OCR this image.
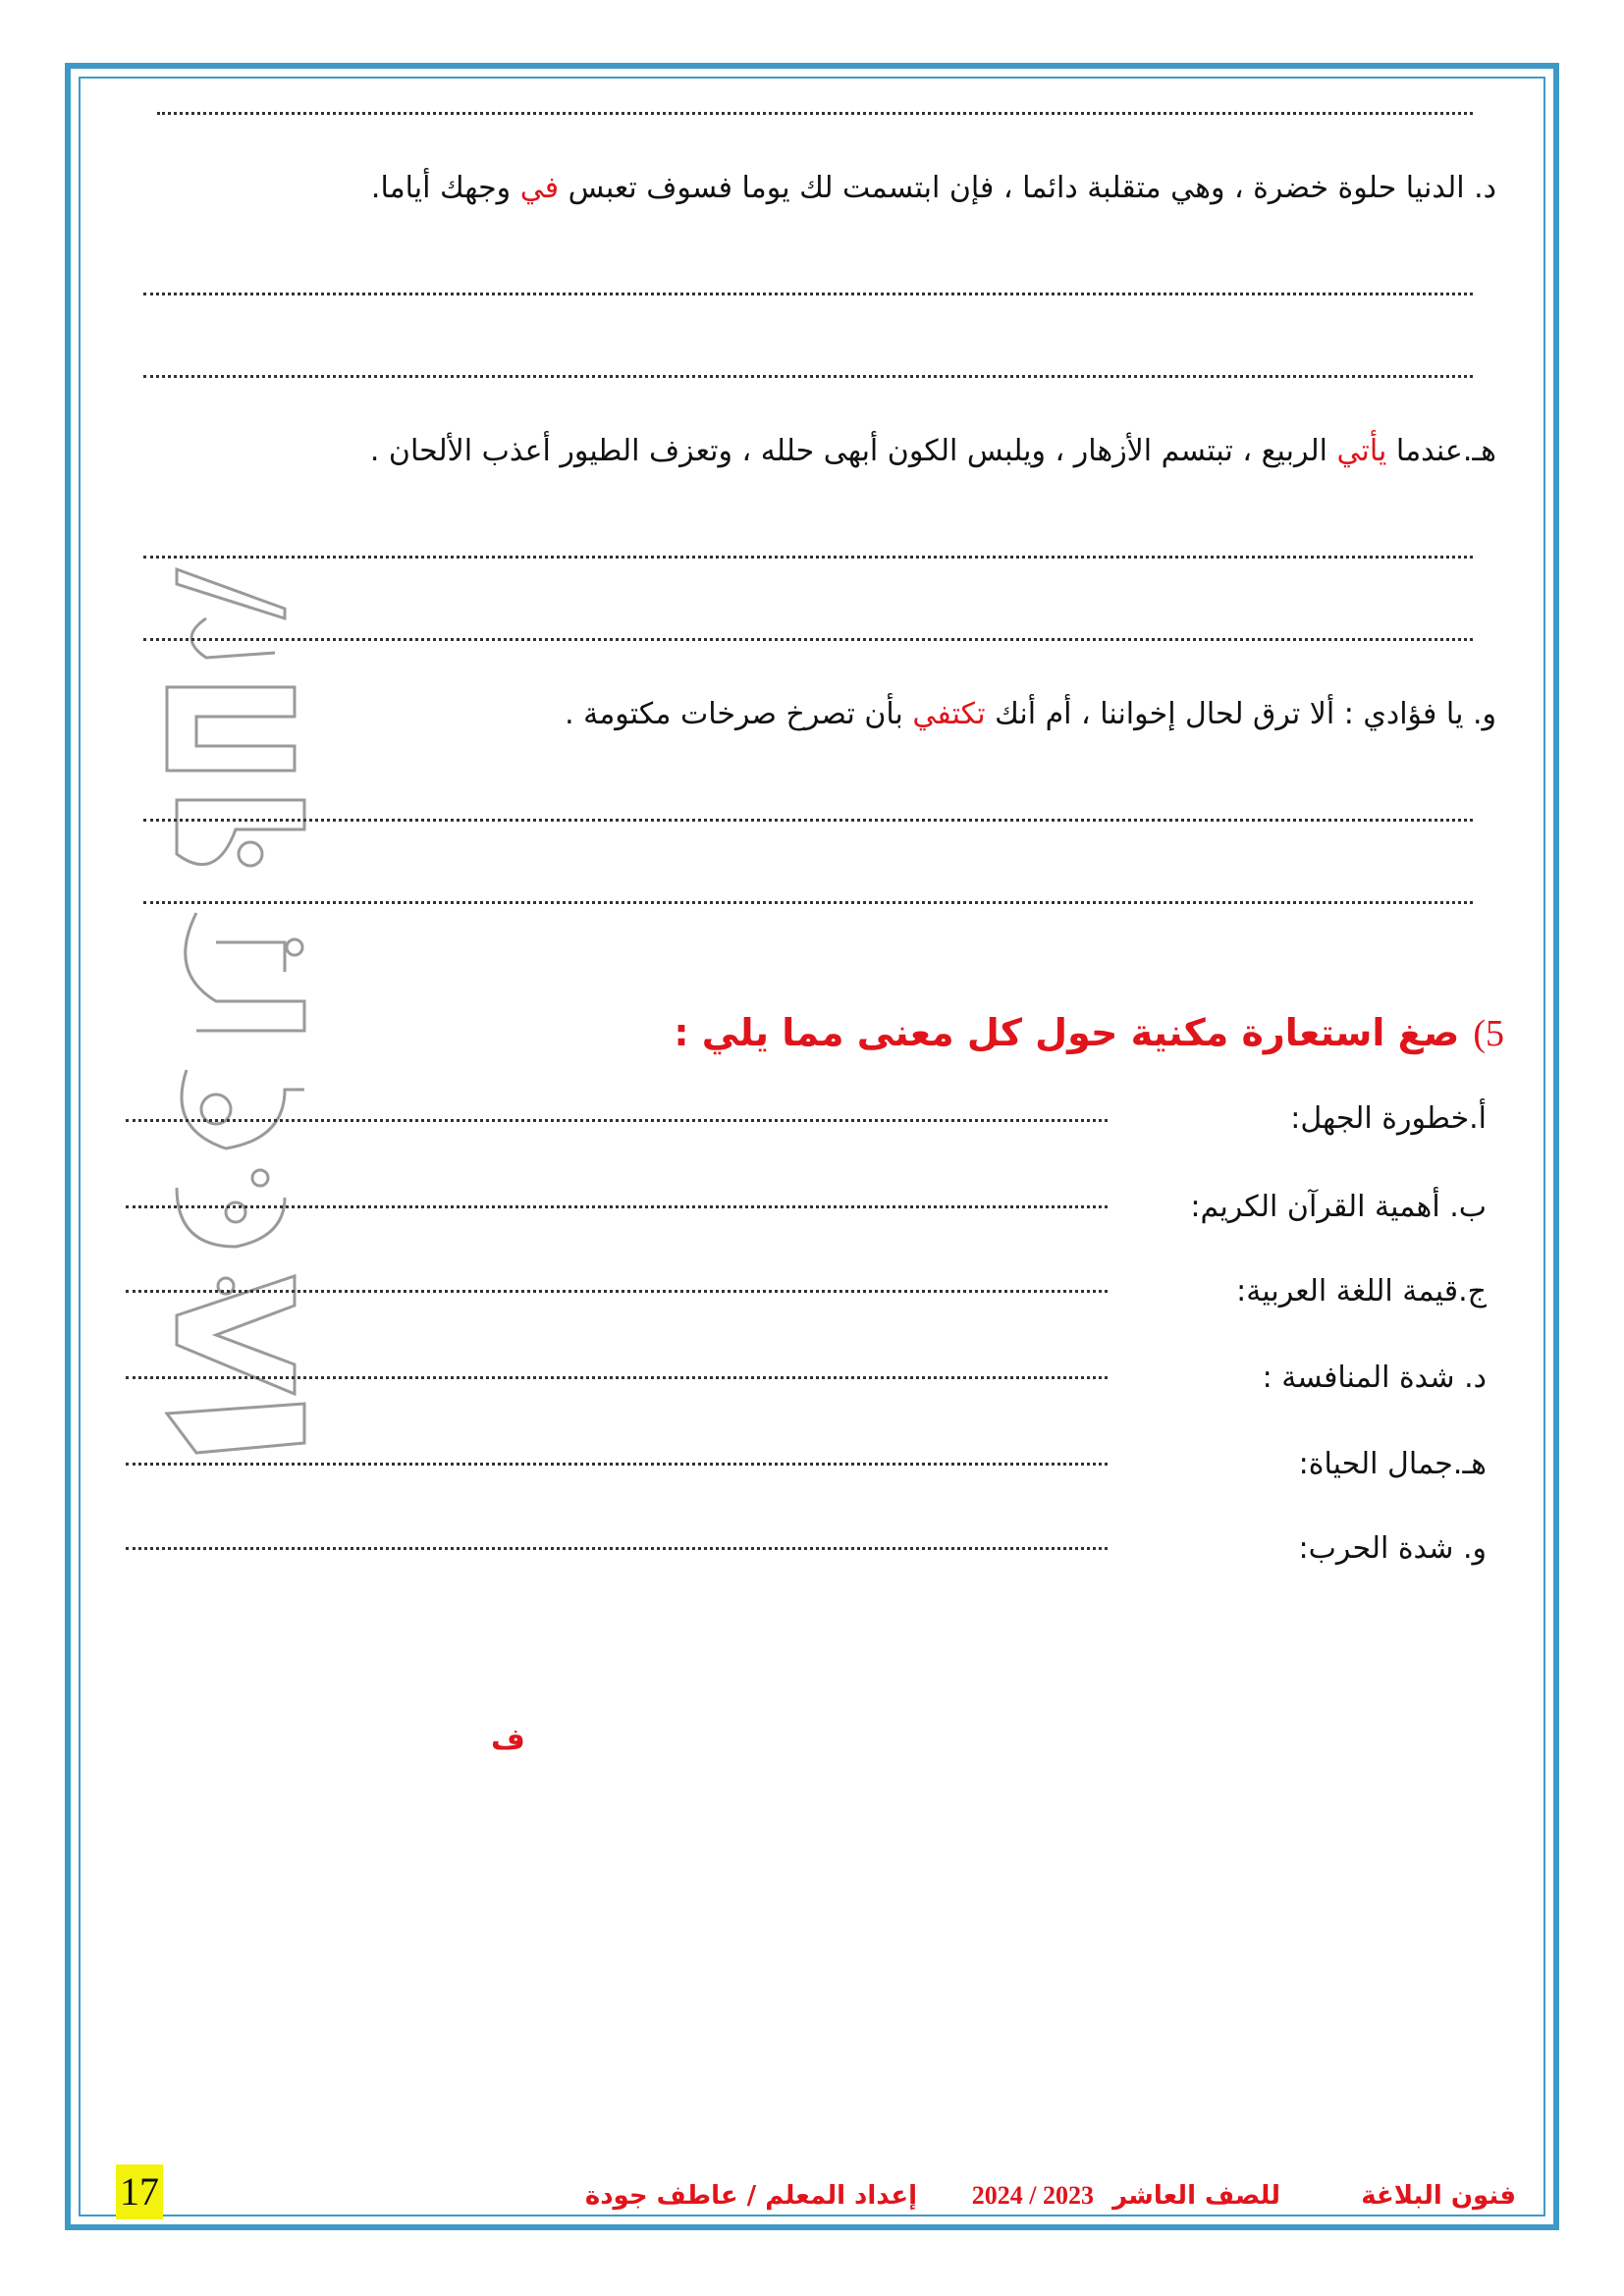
د. الدنيا حلوة خضرة ، وهي متقلبة دائما ، فإن ابتسمت لك يوما فسوف تعبس في وجهك أياما.
هـ.عندما يأتي الربيع ، تبتسم الأزهار ، ويلبس الكون أبهى حلله ، وتعزف الطيور أعذب الألحان .
و. يا فؤادي : ألا ترق لحال إخواننا ، أم أنك تكتفي بأن تصرخ صرخات مكتومة .
5)صغ استعارة مكنية حول كل معنى مما يلي :
أ.خطورة الجهل:
ب. أهمية القرآن الكريم:
ج.قيمة اللغة العربية:
د. شدة المنافسة :
هـ.جمال الحياة:
و. شدة الحرب:
ف
17	فنون البلاغة
للصف العاشر
2024 / 2023
إعداد المعلم / عاطف جودة
